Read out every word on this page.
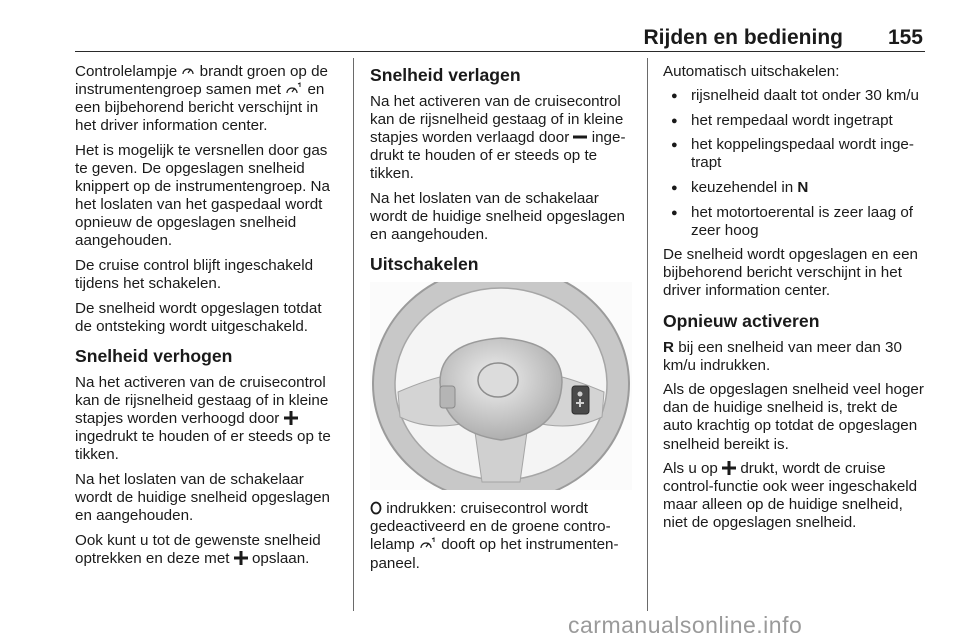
Rijden en bediening 155

Controlelampje brandt groen op de instrumentengroep samen met en een bijbehorend bericht verschijnt in het driver information center.

Het is mogelijk te versnellen door gas te geven. De opgeslagen snelheid knippert op de instrumentengroep. Na het loslaten van het gaspedaal wordt opnieuw de opgeslagen snelheid aangehouden.

De cruise control blijft ingeschakeld tijdens het schakelen.

De snelheid wordt opgeslagen totdat de ontsteking wordt uitgeschakeld.

Snelheid verhogen

Na het activeren van de cruisecontrol kan de rijsnelheid gestaag of in kleine stapjes worden verhoogd door  ingedrukt te houden of er steeds op te tikken.

Na het loslaten van de schakelaar wordt de huidige snelheid opgeslagen en aangehouden.

Ook kunt u tot de gewenste snelheid optrekken en deze met opslaan.

Snelheid verlagen

Na het activeren van de cruisecontrol kan de rijsnelheid gestaag of in kleine stapjes worden verlaagd door ingedrukt te houden of er steeds op te tikken.

Na het loslaten van de schakelaar wordt de huidige snelheid opgeslagen en aangehouden.

Uitschakelen

indrukken: cruisecontrol wordt gedeactiveerd en de groene controlelamp dooft op het instrumentenpaneel.

Automatisch uitschakelen:

● rijsnelheid daalt tot onder 30 km/u
● het rempedaal wordt ingetrapt
● het koppelingspedaal wordt ingetrapt
● keuzehendel in N
● het motortoerental is zeer laag of zeer hoog

De snelheid wordt opgeslagen en een bijbehorend bericht verschijnt in het driver information center.

Opnieuw activeren

R bij een snelheid van meer dan 30 km/u indrukken.

Als de opgeslagen snelheid veel hoger dan de huidige snelheid is, trekt de auto krachtig op totdat de opgeslagen snelheid bereikt is.

Als u op drukt, wordt de cruise control-functie ook weer ingeschakeld maar alleen op de huidige snelheid, niet de opgeslagen snelheid.

carmanualsonline.info
